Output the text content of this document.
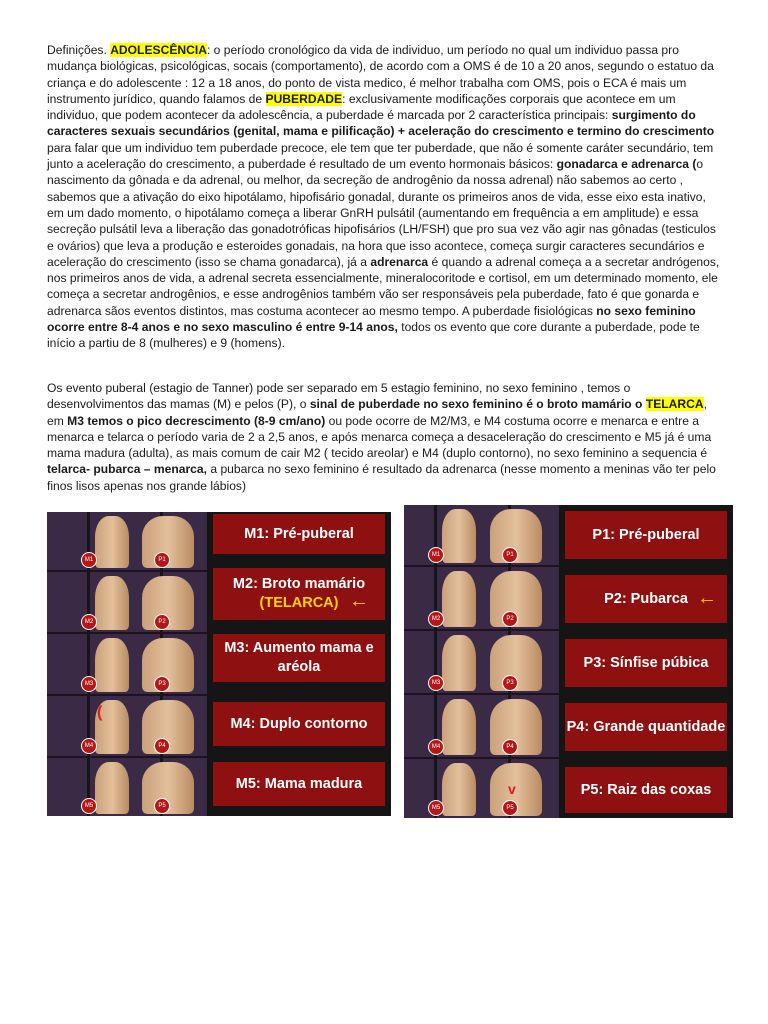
Definições. ADOLESCÊNCIA: o período cronológico da vida de individuo, um período no qual um individuo passa pro mudança biológicas, psicológicas, socais (comportamento), de acordo com a OMS é de 10 a 20 anos, segundo o estatuo da criança e do adolescente : 12 a 18 anos, do ponto de vista medico, é melhor trabalha com OMS, pois o ECA é mais um instrumento jurídico, quando falamos de PUBERDADE: exclusivamente modificações corporais que acontece em um individuo, que podem acontecer da adolescência, a puberdade é marcada por 2 característica principais: surgimento do caracteres sexuais secundários (genital, mama e pilificação) + aceleração do crescimento e termino do crescimento para falar que um individuo tem puberdade precoce, ele tem que ter puberdade, que não é somente caráter secundário, tem junto a aceleração do crescimento, a puberdade é resultado de um evento hormonais básicos: gonadarca e adrenarca (o nascimento da gônada e da adrenal, ou melhor, da secreção de androgênio da nossa adrenal) não sabemos ao certo , sabemos que a ativação do eixo hipotálamo, hipofisário gonadal, durante os primeiros anos de vida, esse eixo esta inativo, em um dado momento, o hipotálamo começa a liberar GnRH pulsátil (aumentando em frequência a em amplitude) e essa secreção pulsátil leva a liberação das gonadotróficas hipofisários (LH/FSH) que pro sua vez vão agir nas gônadas (testiculos e ovários) que leva a produção e esteroides gonadais, na hora que isso acontece, começa surgir caracteres secundários e aceleração do crescimento (isso se chama gonadarca), já a adrenarca é quando a adrenal começa a a secretar andrógenos, nos primeiros anos de vida, a adrenal secreta essencialmente, mineralocoritode e cortisol, em um determinado momento, ele começa a secretar androgênios, e esse androgênios também vão ser responsáveis pela puberdade, fato é que gonarda e adrenarca sãos eventos distintos, mas costuma acontecer ao mesmo tempo. A puberdade fisiológicas no sexo feminino ocorre entre 8-4 anos e no sexo masculino é entre 9-14 anos, todos os evento que core durante a puberdade, pode te início a partiu de 8 (mulheres) e 9 (homens).
Os evento puberal (estagio de Tanner) pode ser separado em 5 estagio feminino, no sexo feminino , temos o desenvolvimentos das mamas (M) e pelos (P), o sinal de puberdade no sexo feminino é o broto mamário o TELARCA, em M3 temos o pico decrescimento (8-9 cm/ano) ou pode ocorre de M2/M3, e M4 costuma ocorre e menarca e entre a menarca e telarca o período varia de 2 a 2,5 anos, e após menarca começa a desaceleração do crescimento e M5 já é uma mama madura (adulta), as mais comum de cair M2 ( tecido areolar) e M4 (duplo contorno), no sexo feminino a sequencia é telarca- pubarca – menarca, a pubarca no sexo feminino é resultado da adrenarca (nesse momento a meninas vão ter pelo finos lisos apenas nos grande lábios)
M1	P1
M2	P2
M3	P3
M4	P4
(
M5	P5
M1: Pré-puberal
M2: Broto mamário
(TELARCA) ←
M3: Aumento mama e aréola
M4: Duplo contorno
M5: Mama madura
M1	P1
M2	P2
M3	P3
M4	P4
M5	P5
v
P1: Pré-puberal
P2: Pubarca ←
P3: Sínfise púbica
P4: Grande quantidade
P5: Raiz das coxas
